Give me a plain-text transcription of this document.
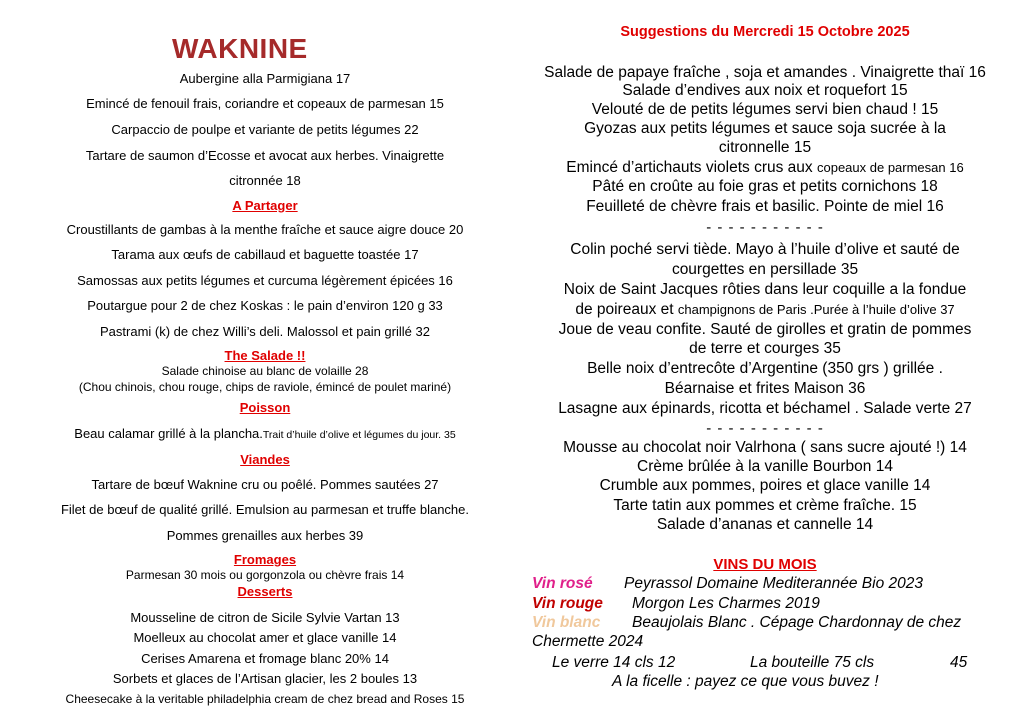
WAKNINE
Aubergine alla Parmigiana 17
Emincé de fenouil frais, coriandre et copeaux de parmesan 15
Carpaccio de poulpe et variante de petits légumes 22
Tartare de saumon d’Ecosse et avocat aux herbes. Vinaigrette
citronnée 18
A Partager
Croustillants de gambas à la menthe fraîche et sauce aigre douce 20
Tarama aux œufs de cabillaud et baguette toastée 17
Samossas aux petits légumes et curcuma légèrement épicées 16
Poutargue pour 2 de chez Koskas : le pain d’environ 120 g 33
Pastrami (k) de chez Willi’s deli. Malossol et pain grillé 32
The Salade !!
Salade chinoise au blanc de volaille 28
(Chou chinois, chou rouge, chips de raviole, émincé de poulet mariné)
Poisson
Beau calamar grillé à la plancha.Trait d’huile d’olive et légumes du jour. 35
Viandes
Tartare de bœuf Waknine cru ou poêlé. Pommes sautées 27
Filet de bœuf de qualité grillé. Emulsion au parmesan et truffe blanche.
Pommes grenailles aux herbes 39
Fromages
Parmesan 30 mois ou gorgonzola ou chèvre frais 14
Desserts
Mousseline de citron de Sicile Sylvie Vartan 13
Moelleux au chocolat amer et glace vanille 14
Cerises Amarena et fromage blanc 20% 14
Sorbets et glaces de l’Artisan glacier, les 2 boules 13
Cheesecake à la veritable philadelphia cream de chez bread and Roses 15
Suggestions du Mercredi 15 Octobre 2025
Salade de papaye fraîche , soja et amandes . Vinaigrette thaï 16
Salade d’endives aux noix et roquefort 15
Velouté de de petits légumes servi bien chaud ! 15
Gyozas aux petits légumes et sauce soja sucrée à la
citronnelle 15
Emincé d’artichauts violets crus aux copeaux de parmesan 16
Pâté en croûte au foie gras et petits cornichons 18
Feuilleté de chèvre frais et basilic. Pointe de miel 16
- - - - - - - - - - -
Colin poché servi tiède. Mayo à l’huile d’olive et sauté de
courgettes en persillade 35
Noix de Saint Jacques rôties dans leur coquille a la fondue
de poireaux et champignons de Paris .Purée à l’huile d’olive 37
Joue de veau confite. Sauté de girolles et gratin de pommes
de terre et courges 35
Belle noix d’entrecôte d’Argentine (350 grs ) grillée .
Béarnaise et frites Maison 36
Lasagne aux épinards, ricotta et béchamel . Salade verte 27
- - - - - - - - - - -
Mousse au chocolat noir Valrhona ( sans sucre ajouté !) 14
Crème brûlée à la vanille Bourbon 14
Crumble aux pommes, poires et glace vanille 14
Tarte tatin aux pommes et crème fraîche. 15
Salade d’ananas et cannelle 14
VINS DU MOIS
Vin rosé Peyrassol Domaine Mediterannée Bio 2023
Vin rouge Morgon Les Charmes 2019
Vin blanc Beaujolais Blanc . Cépage Chardonnay de chez
Chermette 2024
Le verre 14 cls 12	La bouteille 75 cls	45
A la ficelle : payez ce que vous buvez !
